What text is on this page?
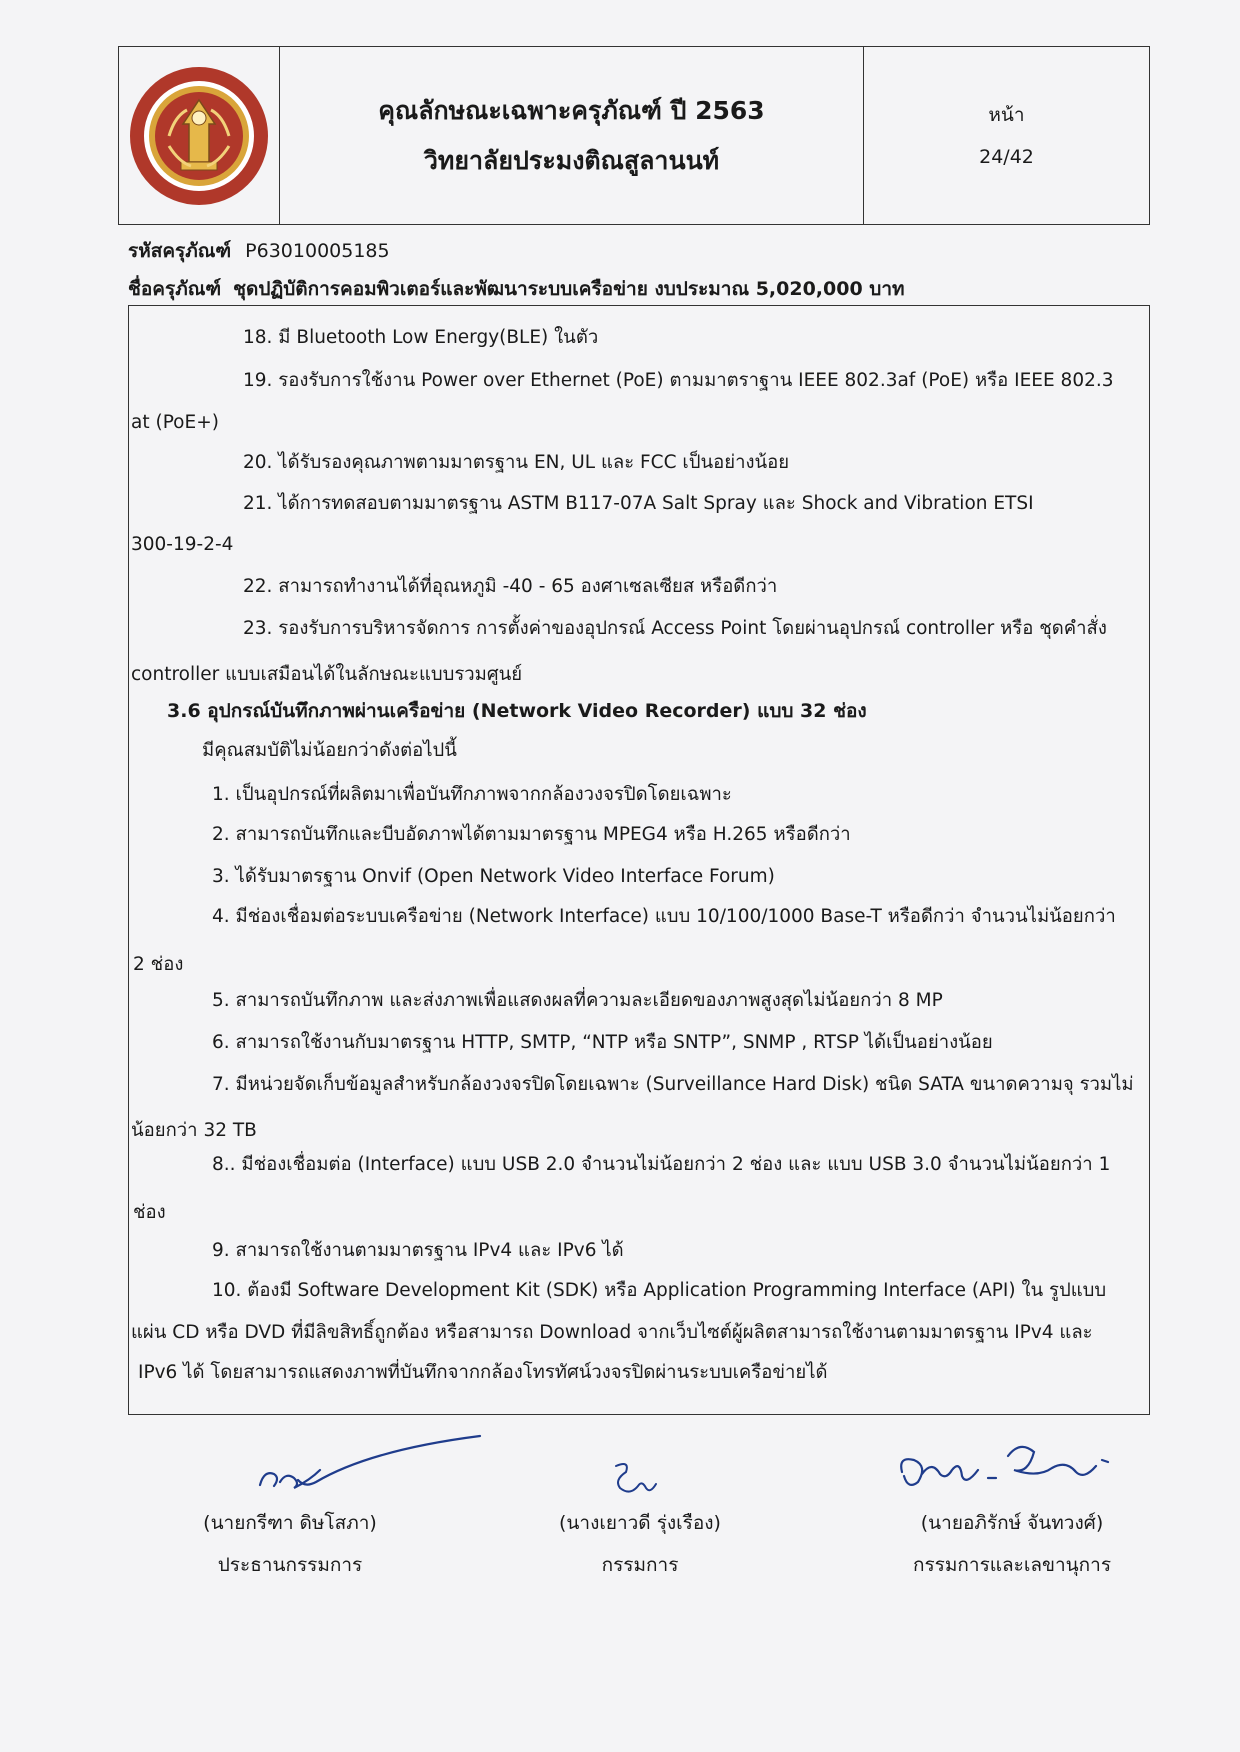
คุณลักษณะเฉพาะครุภัณฑ์ ปี 2563
วิทยาลัยประมงติณสูลานนท์
หน้า
24/42
รหัสครุภัณฑ์ P63010005185
ชื่อครุภัณฑ์ ชุดปฏิบัติการคอมพิวเตอร์และพัฒนาระบบเครือข่าย งบประมาณ 5,020,000 บาท
18. มี Bluetooth Low Energy(BLE) ในตัว
19. รองรับการใช้งาน Power over Ethernet (PoE) ตามมาตราฐาน IEEE 802.3af (PoE) หรือ IEEE 802.3
at (PoE+)
20. ได้รับรองคุณภาพตามมาตรฐาน EN, UL และ FCC เป็นอย่างน้อย
21. ได้การทดสอบตามมาตรฐาน ASTM B117-07A Salt Spray และ Shock and Vibration ETSI
300-19-2-4
22. สามารถทำงานได้ที่อุณหภูมิ -40 - 65 องศาเซลเซียส หรือดีกว่า
23. รองรับการบริหารจัดการ การตั้งค่าของอุปกรณ์ Access Point โดยผ่านอุปกรณ์ controller หรือ ชุดคำสั่ง
controller แบบเสมือนได้ในลักษณะแบบรวมศูนย์
3.6 อุปกรณ์บันทึกภาพผ่านเครือข่าย (Network Video Recorder) แบบ 32 ช่อง
มีคุณสมบัติไม่น้อยกว่าดังต่อไปนี้
1. เป็นอุปกรณ์ที่ผลิตมาเพื่อบันทึกภาพจากกล้องวงจรปิดโดยเฉพาะ
2. สามารถบันทึกและบีบอัดภาพได้ตามมาตรฐาน MPEG4 หรือ H.265 หรือดีกว่า
3. ได้รับมาตรฐาน Onvif (Open Network Video Interface Forum)
4. มีช่องเชื่อมต่อระบบเครือข่าย (Network Interface) แบบ 10/100/1000 Base-T หรือดีกว่า จำนวนไม่น้อยกว่า
2 ช่อง
5. สามารถบันทึกภาพ และส่งภาพเพื่อแสดงผลที่ความละเอียดของภาพสูงสุดไม่น้อยกว่า 8 MP
6. สามารถใช้งานกับมาตรฐาน HTTP, SMTP, “NTP หรือ SNTP”, SNMP , RTSP ได้เป็นอย่างน้อย
7. มีหน่วยจัดเก็บข้อมูลสำหรับกล้องวงจรปิดโดยเฉพาะ (Surveillance Hard Disk) ชนิด SATA ขนาดความจุ รวมไม่
น้อยกว่า 32 TB
8.. มีช่องเชื่อมต่อ (Interface) แบบ USB 2.0 จำนวนไม่น้อยกว่า 2 ช่อง และ แบบ USB 3.0 จำนวนไม่น้อยกว่า 1
ช่อง
9. สามารถใช้งานตามมาตรฐาน IPv4 และ IPv6 ได้
10. ต้องมี Software Development Kit (SDK) หรือ Application Programming Interface (API) ใน รูปแบบ
แผ่น CD หรือ DVD ที่มีลิขสิทธิ์ถูกต้อง หรือสามารถ Download จากเว็บไซต์ผู้ผลิตสามารถใช้งานตามมาตรฐาน IPv4 และ
IPv6 ได้ โดยสามารถแสดงภาพที่บันทึกจากกล้องโทรทัศน์วงจรปิดผ่านระบบเครือข่ายได้
(นายกรีฑา ดิษโสภา)
ประธานกรรมการ
(นางเยาวดี รุ่งเรือง)
กรรมการ
(นายอภิรักษ์ จันทวงศ์)
กรรมการและเลขานุการ
